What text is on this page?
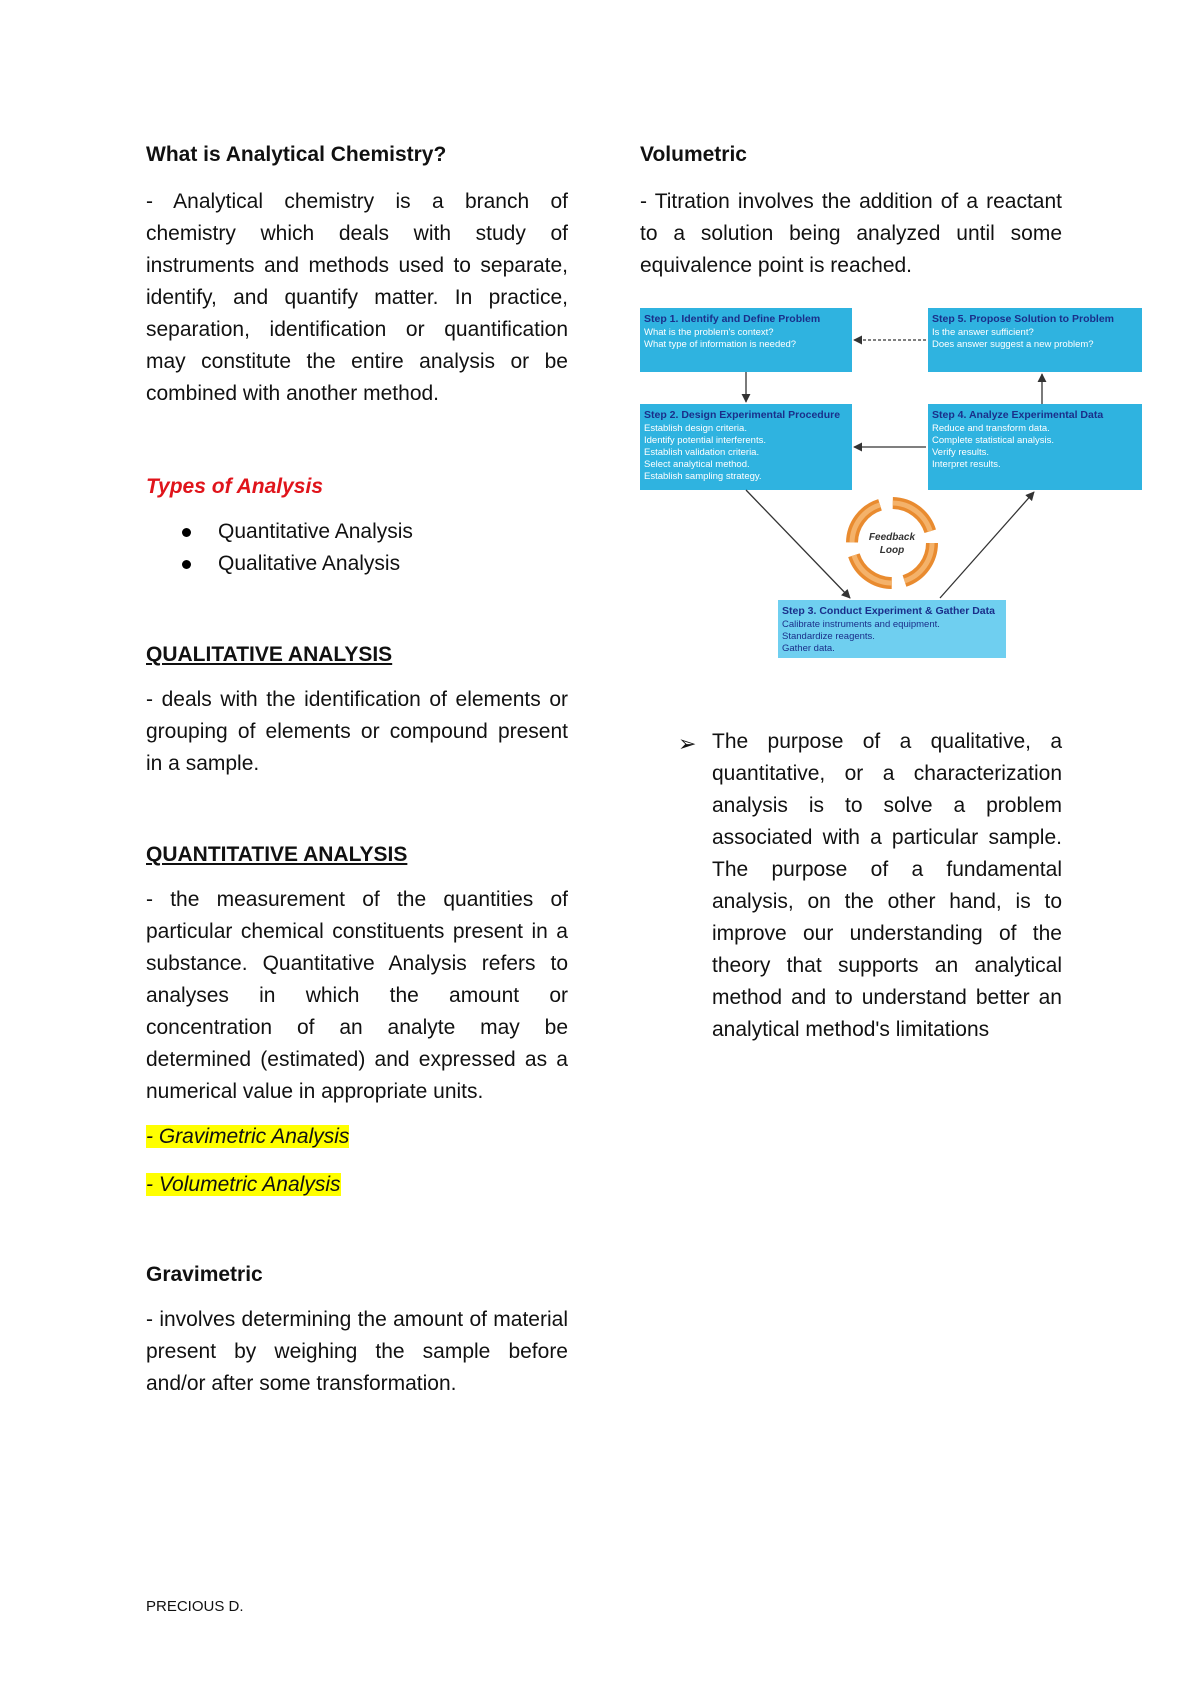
What is Analytical Chemistry?

- Analytical chemistry is a branch of chemistry which deals with study of instruments and methods used to separate, identify, and quantify matter. In practice, separation, identification or quantification may constitute the entire analysis or be combined with another method.

Types of Analysis
Quantitative Analysis
Qualitative Analysis
QUALITATIVE ANALYSIS

- deals with the identification of elements or grouping of elements or compound present in a sample.

QUANTITATIVE ANALYSIS

- the measurement of the quantities of particular chemical constituents present in a substance. Quantitative Analysis refers to analyses in which the amount or concentration of an analyte may be determined (estimated) and expressed as a numerical value in appropriate units.

- Gravimetric Analysis
- Volumetric Analysis
Gravimetric

- involves determining the amount of material present by weighing the sample before and/or after some transformation.

Volumetric

- Titration involves the addition of a reactant to a solution being analyzed until some equivalence point is reached.

Step 1. Identify and Define Problem
What is the problem's context?
What type of information is needed?
Step 5. Propose Solution to Problem
Is the answer sufficient?
Does answer suggest a new problem?
Step 2. Design Experimental Procedure
Establish design criteria.
Identify potential interferents.
Establish validation criteria.
Select analytical method.
Establish sampling strategy.
Step 4. Analyze Experimental Data
Reduce and transform data.
Complete statistical analysis.
Verify results.
Interpret results.
Step 3. Conduct Experiment & Gather Data
Calibrate instruments and equipment.
Standardize reagents.
Gather data.
Feedback
Loop
➢ The purpose of a qualitative, a quantitative, or a characterization analysis is to solve a problem associated with a particular sample. The purpose of a fundamental analysis, on the other hand, is to improve our understanding of the theory that supports an analytical method and to understand better an analytical method's limitations
PRECIOUS D.
